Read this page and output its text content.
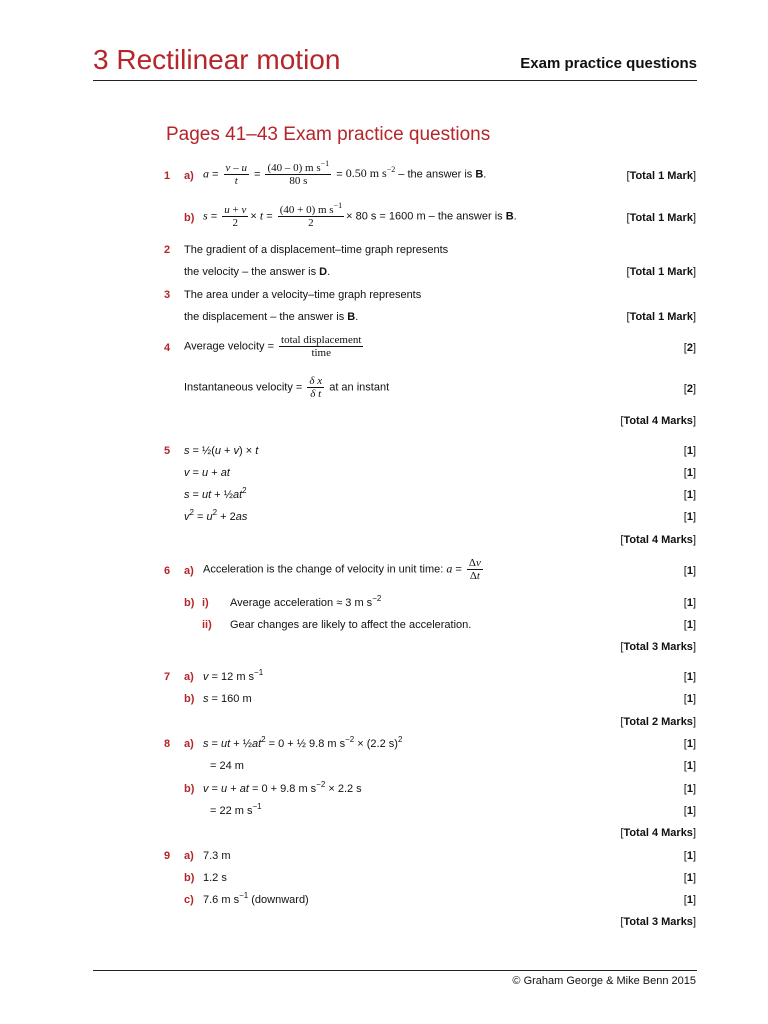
3 Rectilinear motion	Exam practice questions
Pages 41–43 Exam practice questions
1 a) $a = \frac{v - u}{t} = \frac{(40 - 0) m s^{-1}}{80 s} = 0.50$ m $s^{-2}$ – the answer is B.	[Total 1 Mark]
b) $s = \frac{u + v}{2} \times t = \frac{(40 + 0) m s^{-1}}{2} \times 80$ s = 1600 m – the answer is B.	[Total 1 Mark]
2 The gradient of a displacement–time graph represents
the velocity – the answer is D.	[Total 1 Mark]
3 The area under a velocity–time graph represents
the displacement – the answer is B.	[Total 1 Mark]
4 Average velocity = $\frac{\text{total displacement}}{\text{time}}$	[2]
Instantaneous velocity = $\frac{\text{δ x}}{\text{δ t}}$ at an instant	[2]
[Total 4 Marks]
5 s = ½(u + v) × t	[1]
v = u + at	[1]
s = ut + $\frac{1}{2}at^2$	[1]
$v^2 = u^2 + 2as$	[1]
[Total 4 Marks]
6 a) Acceleration is the change of velocity in unit time: $a = \frac{\Delta v}{\Delta t}$	[1]
b) i) Average acceleration ≈ 3 m $s^{-2}$	[1]
ii) Gear changes are likely to affect the acceleration.	[1]
[Total 3 Marks]
7 a) v = 12 m $s^{-1}$	[1]
b) s = 160 m	[1]
[Total 2 Marks]
8 a) s = ut + $\frac{1}{2}at^2 = 0$ + ½ 9.8 m $s^{-2} \times (2.2$ s)$^2$	[1]
= 24 m	[1]
b) v = u + at = 0 + 9.8 m $s^{-2} \times 2.2$ s	[1]
= 22 m $s^{-1}$	[1]
[Total 4 Marks]
9 a) 7.3 m	[1]
b) 1.2 s	[1]
c) 7.6 m $s^{-1}$ (downward)	[1]
[Total 3 Marks]
© Graham George & Mike Benn 2015
